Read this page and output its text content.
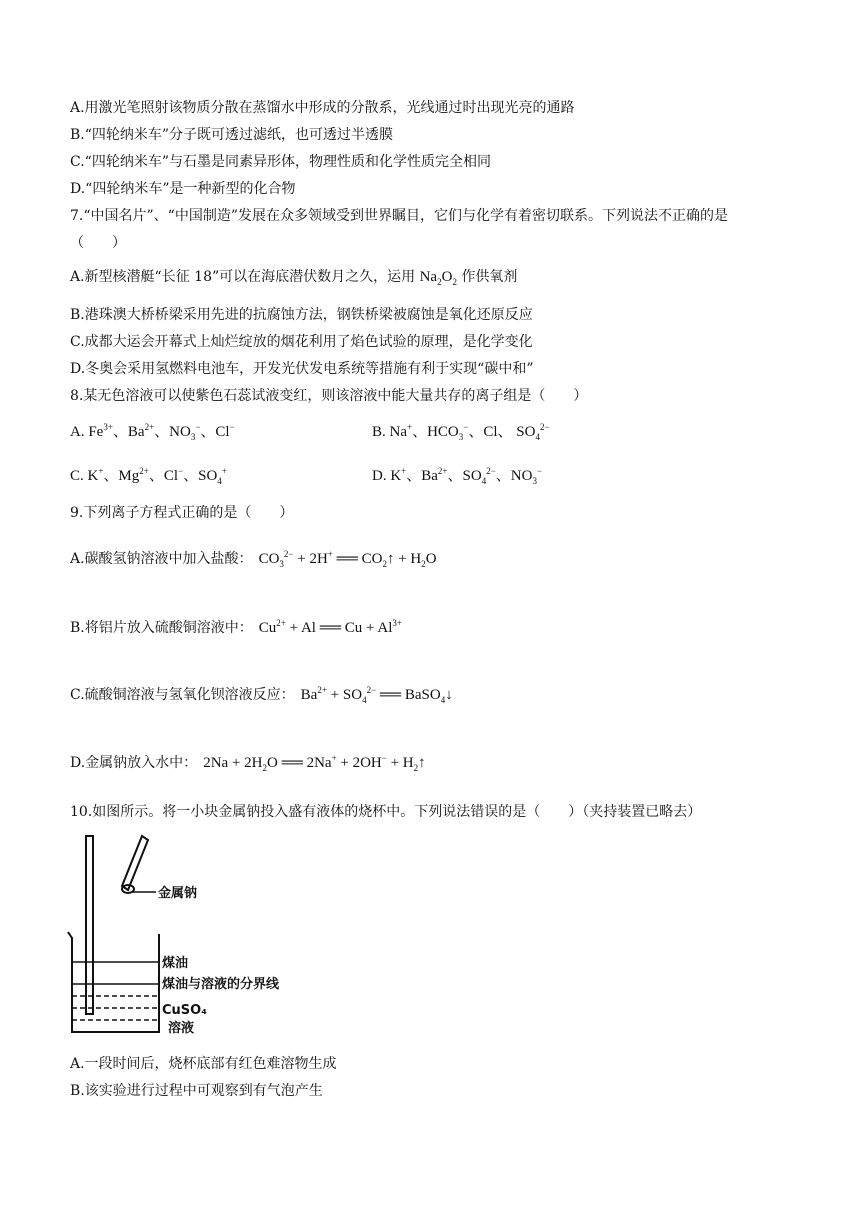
A.用激光笔照射该物质分散在蒸馏水中形成的分散系，光线通过时出现光亮的通路
B.“四轮纳米车”分子既可透过滤纸，也可透过半透膜
C.“四轮纳米车”与石墨是同素异形体，物理性质和化学性质完全相同
D.“四轮纳米车”是一种新型的化合物
7.“中国名片”、“中国制造”发展在众多领域受到世界瞩目，它们与化学有着密切联系。下列说法不正确的是
（　　）
A.新型核潜艇“长征 18”可以在海底潜伏数月之久，运用 $Na_2O_2$ 作供氧剂
B.港珠澳大桥桥梁采用先进的抗腐蚀方法，钢铁桥梁被腐蚀是氧化还原反应
C.成都大运会开幕式上灿烂绽放的烟花利用了焰色试验的原理，是化学变化
D.冬奥会采用氢燃料电池车，开发光伏发电系统等措施有利于实现“碳中和”
8.某无色溶液可以使紫色石蕊试液变红，则该溶液中能大量共存的离子组是（　　）
A. $Fe^{3+}$、$Ba^{2+}$、$NO_3^-$、Cl−	B. Na+、$HCO_3^-$、Cl、 $SO_4^{2-}$
C. K+、$Mg^{2+}$、Cl−、$SO_4^+$	D. K+、$Ba^{2+}$、$SO_4^{2-}$、$NO_3^-$
9.下列离子方程式正确的是（　　）
A.碳酸氢钠溶液中加入盐酸： $CO_3^{2-} + 2H^+$ ══ $CO_2↑ + H_2O$
B.将铝片放入硫酸铜溶液中： $Cu^{2+} + Al$ ══ $Cu + Al^{3+}$
C.硫酸铜溶液与氢氧化钡溶液反应： $Ba^{2+} + SO_4^{2-}$ ══ BaSO$_4$↓
D.金属钠放入水中： $2Na + 2H_2O$ ══ $2Na^+ + 2OH^- + H_2↑$
10.如图所示。将一小块金属钠投入盛有液体的烧杯中。下列说法错误的是（　　）（夹持装置已略去）
金属钠
煤油
煤油与溶液的分界线
CuSO₄
溶液
A.一段时间后，烧杯底部有红色难溶物生成
B.该实验进行过程中可观察到有气泡产生
